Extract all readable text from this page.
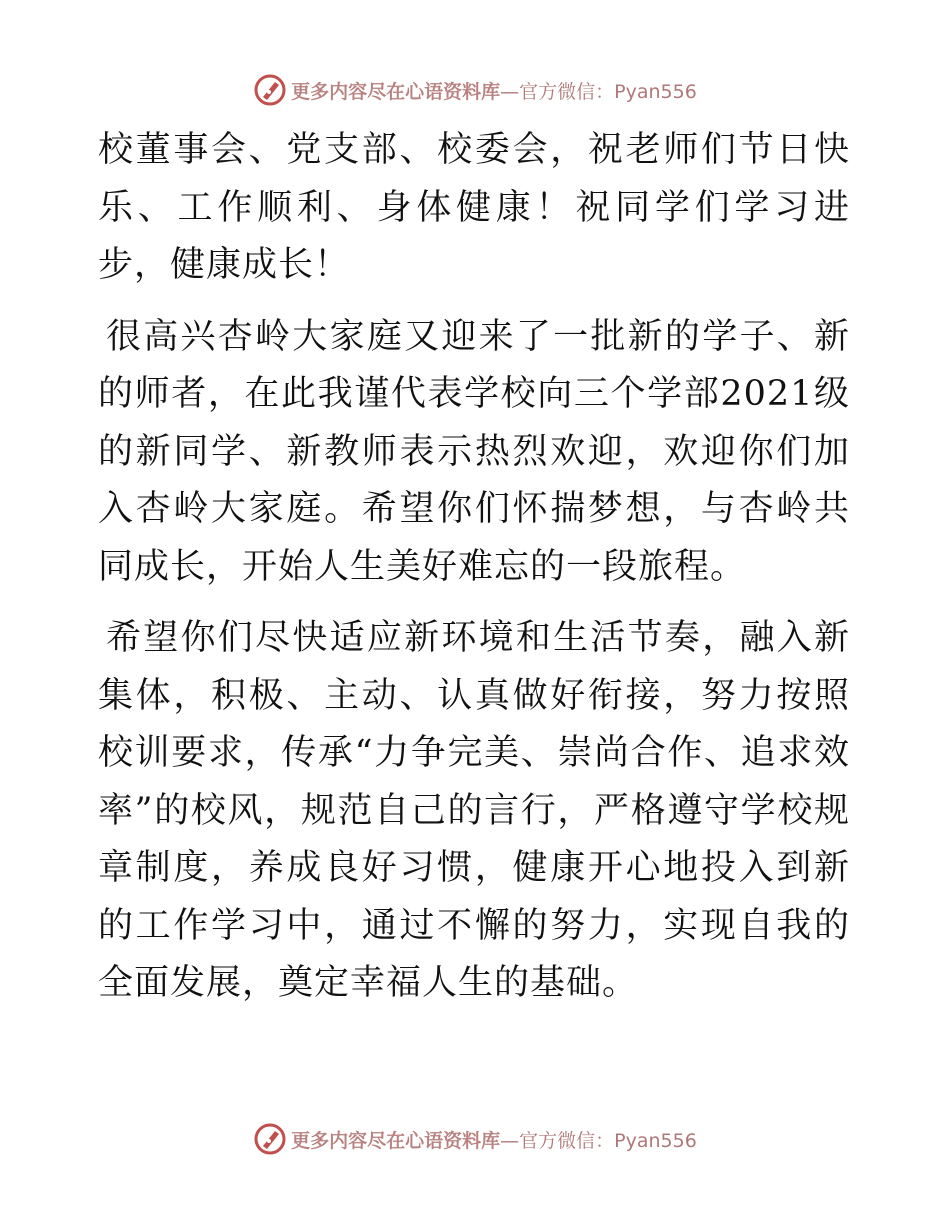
更多内容尽在心语资料库 —官方微信：Pyan556

校董事会、党支部、校委会，祝老师们节日快乐、工作顺利、身体健康！祝同学们学习进步，健康成长！

很高兴杏岭大家庭又迎来了一批新的学子、新的师者，在此我谨代表学校向三个学部2021级的新同学、新教师表示热烈欢迎，欢迎你们加入杏岭大家庭。希望你们怀揣梦想，与杏岭共同成长，开始人生美好难忘的一段旅程。

希望你们尽快适应新环境和生活节奏，融入新集体，积极、主动、认真做好衔接，努力按照校训要求，传承“力争完美、崇尚合作、追求效率”的校风，规范自己的言行，严格遵守学校规章制度，养成良好习惯，健康开心地投入到新的工作学习中，通过不懈的努力，实现自我的全面发展，奠定幸福人生的基础。

更多内容尽在心语资料库 —官方微信：Pyan556
